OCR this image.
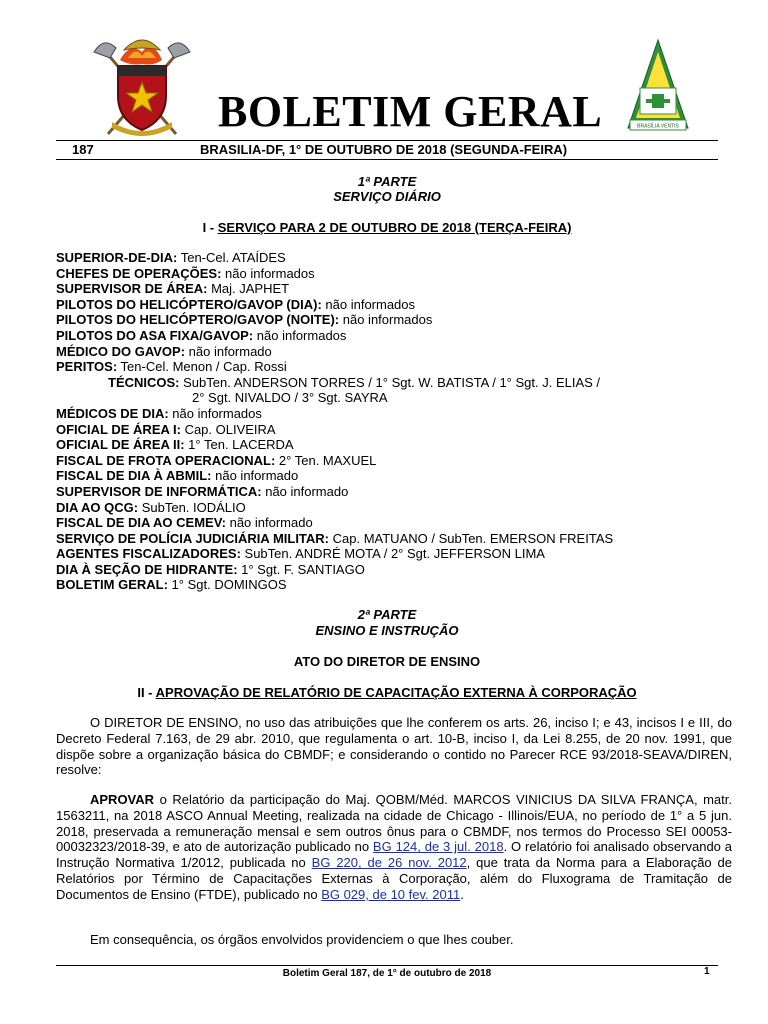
BRASÍLIA VENTIS
BOLETIM GERAL
187	BRASILIA-DF, 1° DE OUTUBRO DE 2018 (SEGUNDA-FEIRA)
1ª PARTE
SERVIÇO DIÁRIO
I - SERVIÇO PARA 2 DE OUTUBRO DE 2018 (TERÇA-FEIRA)
SUPERIOR-DE-DIA: Ten-Cel. ATAÍDES
CHEFES DE OPERAÇÕES: não informados
SUPERVISOR DE ÁREA: Maj. JAPHET
PILOTOS DO HELICÓPTERO/GAVOP (DIA): não informados
PILOTOS DO HELICÓPTERO/GAVOP (NOITE): não informados
PILOTOS DO ASA FIXA/GAVOP: não informados
MÉDICO DO GAVOP: não informado
PERITOS: Ten-Cel. Menon / Cap. Rossi
TÉCNICOS: SubTen. ANDERSON TORRES / 1° Sgt. W. BATISTA / 1° Sgt. J. ELIAS /
2° Sgt. NIVALDO / 3° Sgt. SAYRA
MÉDICOS DE DIA: não informados
OFICIAL DE ÁREA I: Cap. OLIVEIRA
OFICIAL DE ÁREA II: 1° Ten. LACERDA
FISCAL DE FROTA OPERACIONAL: 2° Ten. MAXUEL
FISCAL DE DIA À ABMIL: não informado
SUPERVISOR DE INFORMÁTICA: não informado
DIA AO QCG: SubTen. IODÁLIO
FISCAL DE DIA AO CEMEV: não informado
SERVIÇO DE POLÍCIA JUDICIÁRIA MILITAR: Cap. MATUANO / SubTen. EMERSON FREITAS
AGENTES FISCALIZADORES: SubTen. ANDRÉ MOTA / 2° Sgt. JEFFERSON LIMA
DIA À SEÇÃO DE HIDRANTE: 1° Sgt. F. SANTIAGO
BOLETIM GERAL: 1° Sgt. DOMINGOS
2ª PARTE
ENSINO E INSTRUÇÃO
ATO DO DIRETOR DE ENSINO
II - APROVAÇÃO DE RELATÓRIO DE CAPACITAÇÃO EXTERNA À CORPORAÇÃO
O DIRETOR DE ENSINO, no uso das atribuições que lhe conferem os arts. 26, inciso I; e 43, incisos I e III, do Decreto Federal 7.163, de 29 abr. 2010, que regulamenta o art. 10-B, inciso I, da Lei 8.255, de 20 nov. 1991, que dispõe sobre a organização básica do CBMDF; e considerando o contido no Parecer RCE 93/2018-SEAVA/DIREN, resolve:
APROVAR o Relatório da participação do Maj. QOBM/Méd. MARCOS VINICIUS DA SILVA FRANÇA, matr. 1563211, na 2018 ASCO Annual Meeting, realizada na cidade de Chicago - Illinois/EUA, no período de 1° a 5 jun. 2018, preservada a remuneração mensal e sem outros ônus para o CBMDF, nos termos do Processo SEI 00053-00032323/2018-39, e ato de autorização publicado no BG 124, de 3 jul. 2018. O relatório foi analisado observando a Instrução Normativa 1/2012, publicada no BG 220, de 26 nov. 2012, que trata da Norma para a Elaboração de Relatórios por Término de Capacitações Externas à Corporação, além do Fluxograma de Tramitação de Documentos de Ensino (FTDE), publicado no BG 029, de 10 fev. 2011.
Em consequência, os órgãos envolvidos providenciem o que lhes couber.
Boletim Geral 187, de 1° de outubro de 2018	1
